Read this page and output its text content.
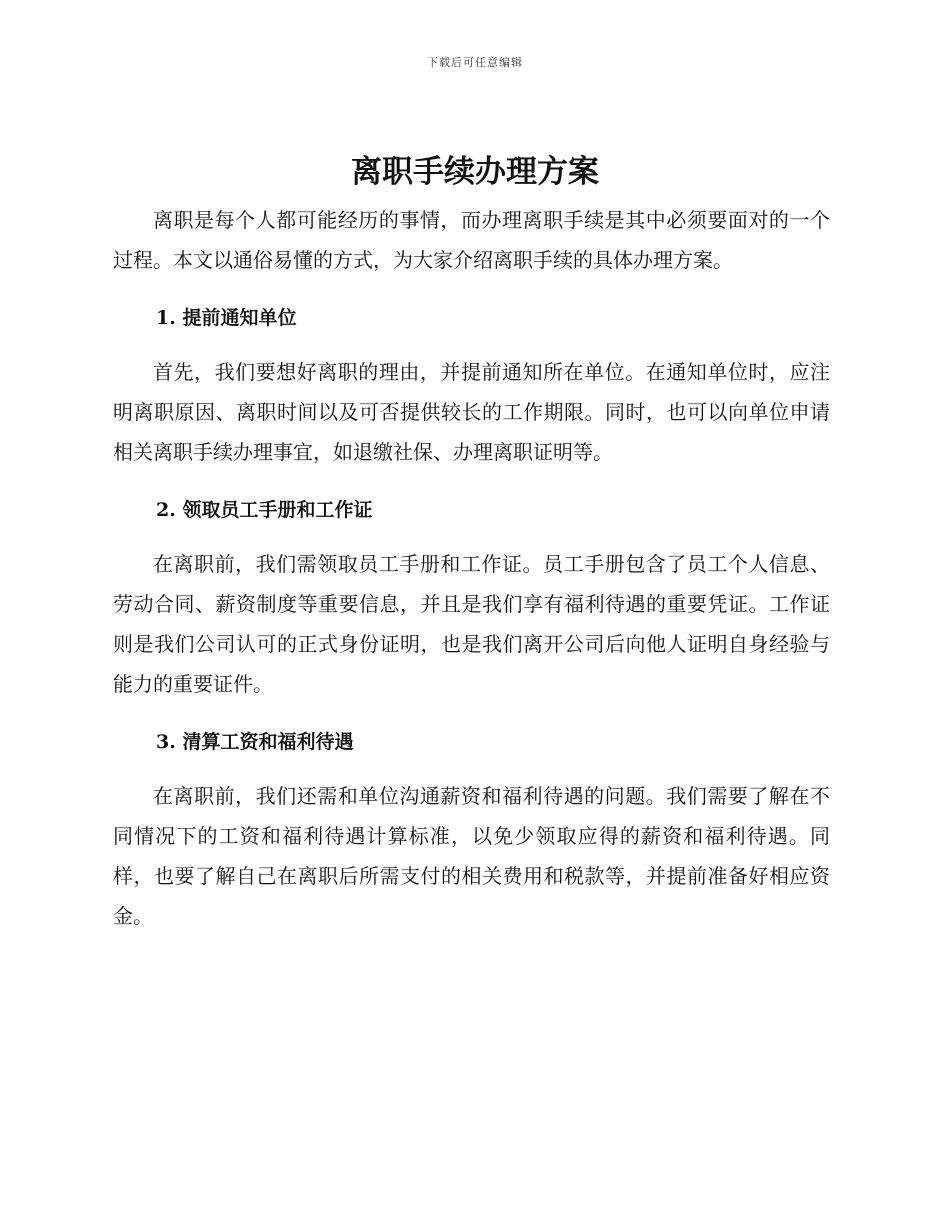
下载后可任意编辑
离职手续办理方案

离职是每个人都可能经历的事情，而办理离职手续是其中必须要面对的一个过程。本文以通俗易懂的方式，为大家介绍离职手续的具体办理方案。

1. 提前通知单位

首先，我们要想好离职的理由，并提前通知所在单位。在通知单位时，应注明离职原因、离职时间以及可否提供较长的工作期限。同时，也可以向单位申请相关离职手续办理事宜，如退缴社保、办理离职证明等。

2. 领取员工手册和工作证

在离职前，我们需领取员工手册和工作证。员工手册包含了员工个人信息、劳动合同、薪资制度等重要信息，并且是我们享有福利待遇的重要凭证。工作证则是我们公司认可的正式身份证明，也是我们离开公司后向他人证明自身经验与能力的重要证件。

3. 清算工资和福利待遇

在离职前，我们还需和单位沟通薪资和福利待遇的问题。我们需要了解在不同情况下的工资和福利待遇计算标准，以免少领取应得的薪资和福利待遇。同样，也要了解自己在离职后所需支付的相关费用和税款等，并提前准备好相应资金。
